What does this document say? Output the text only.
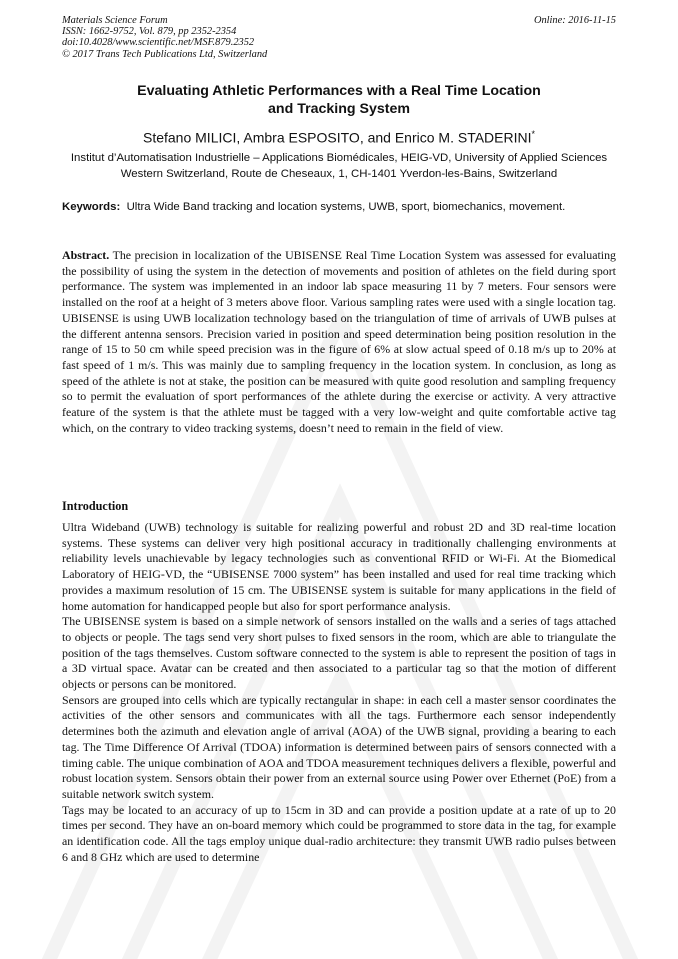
Materials Science Forum
ISSN: 1662-9752, Vol. 879, pp 2352-2354
doi:10.4028/www.scientific.net/MSF.879.2352
© 2017 Trans Tech Publications Ltd, Switzerland
Online: 2016-11-15
Evaluating Athletic Performances with a Real Time Location
and Tracking System
Stefano MILICI, Ambra ESPOSITO, and Enrico M. STADERINI*
Institut d’Automatisation Industrielle – Applications Biomédicales, HEIG-VD, University of Applied Sciences Western Switzerland, Route de Cheseaux, 1, CH-1401 Yverdon-les-Bains, Switzerland
Keywords: Ultra Wide Band tracking and location systems, UWB, sport, biomechanics, movement.
Abstract. The precision in localization of the UBISENSE Real Time Location System was assessed for evaluating the possibility of using the system in the detection of movements and position of athletes on the field during sport performance. The system was implemented in an indoor lab space measuring 11 by 7 meters. Four sensors were installed on the roof at a height of 3 meters above floor. Various sampling rates were used with a single location tag. UBISENSE is using UWB localization technology based on the triangulation of time of arrivals of UWB pulses at the different antenna sensors. Precision varied in position and speed determination being position resolution in the range of 15 to 50 cm while speed precision was in the figure of 6% at slow actual speed of 0.18 m/s up to 20% at fast speed of 1 m/s. This was mainly due to sampling frequency in the location system. In conclusion, as long as speed of the athlete is not at stake, the position can be measured with quite good resolution and sampling frequency so to permit the evaluation of sport performances of the athlete during the exercise or activity. A very attractive feature of the system is that the athlete must be tagged with a very low-weight and quite comfortable active tag which, on the contrary to video tracking systems, doesn’t need to remain in the field of view.
Introduction

Ultra Wideband (UWB) technology is suitable for realizing powerful and robust 2D and 3D real-time location systems. These systems can deliver very high positional accuracy in traditionally challenging environments at reliability levels unachievable by legacy technologies such as conventional RFID or Wi-Fi. At the Biomedical Laboratory of HEIG-VD, the “UBISENSE 7000 system” has been installed and used for real time tracking which provides a maximum resolution of 15 cm. The UBISENSE system is suitable for many applications in the field of home automation for handicapped people but also for sport performance analysis.

The UBISENSE system is based on a simple network of sensors installed on the walls and a series of tags attached to objects or people. The tags send very short pulses to fixed sensors in the room, which are able to triangulate the position of the tags themselves. Custom software connected to the system is able to represent the position of tags in a 3D virtual space. Avatar can be created and then associated to a particular tag so that the motion of different objects or persons can be monitored.

Sensors are grouped into cells which are typically rectangular in shape: in each cell a master sensor coordinates the activities of the other sensors and communicates with all the tags. Furthermore each sensor independently determines both the azimuth and elevation angle of arrival (AOA) of the UWB signal, providing a bearing to each tag. The Time Difference Of Arrival (TDOA) information is determined between pairs of sensors connected with a timing cable. The unique combination of AOA and TDOA measurement techniques delivers a flexible, powerful and robust location system. Sensors obtain their power from an external source using Power over Ethernet (PoE) from a suitable network switch system.

Tags may be located to an accuracy of up to 15cm in 3D and can provide a position update at a rate of up to 20 times per second. They have an on-board memory which could be programmed to store data in the tag, for example an identification code. All the tags employ unique dual-radio architecture: they transmit UWB radio pulses between 6 and 8 GHz which are used to determine
